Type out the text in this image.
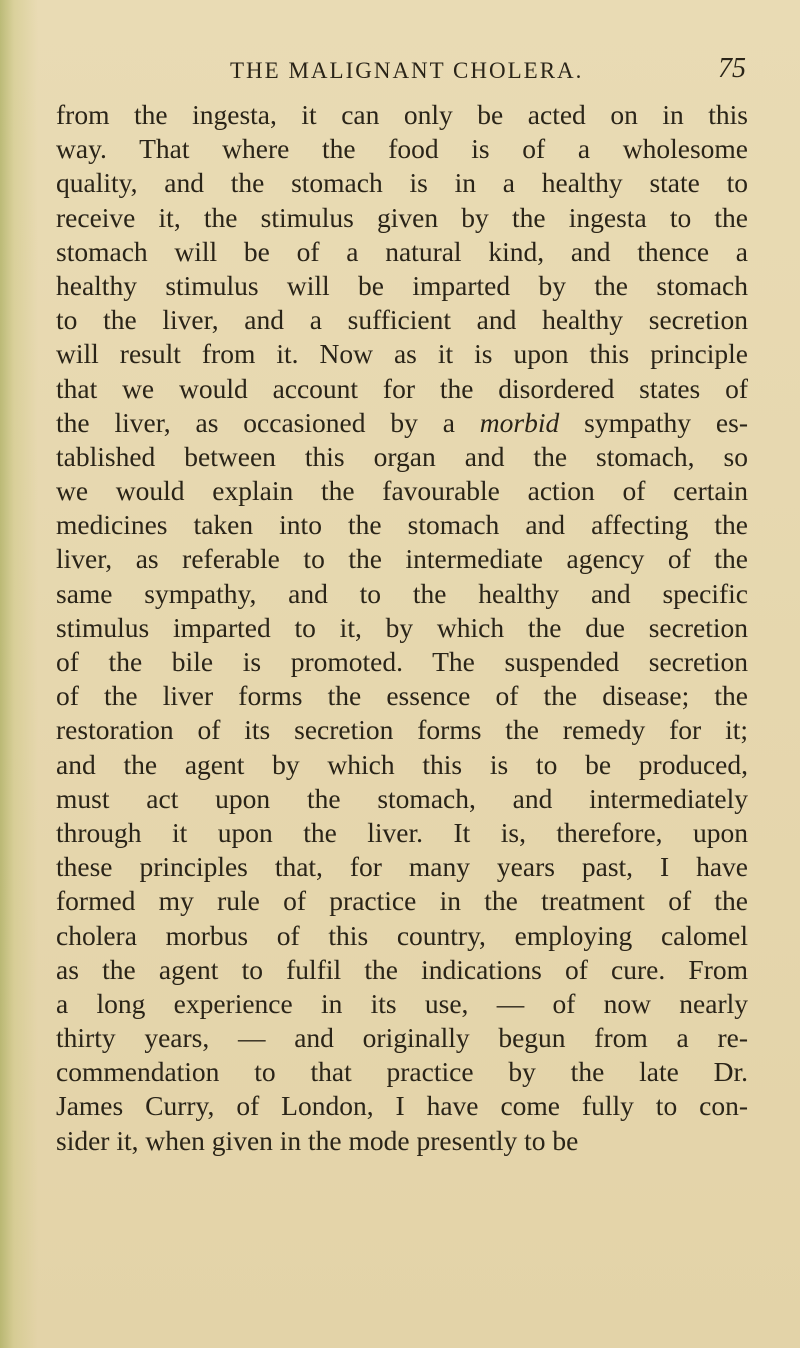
THE MALIGNANT CHOLERA.	75
from the ingesta, it can only be acted on in this
way. That where the food is of a wholesome
quality, and the stomach is in a healthy state to
receive it, the stimulus given by the ingesta to the
stomach will be of a natural kind, and thence a
healthy stimulus will be imparted by the stomach
to the liver, and a sufficient and healthy secretion
will result from it. Now as it is upon this principle
that we would account for the disordered states of
the liver, as occasioned by a morbid sympathy es-
tablished between this organ and the stomach, so
we would explain the favourable action of certain
medicines taken into the stomach and affecting the
liver, as referable to the intermediate agency of the
same sympathy, and to the healthy and specific
stimulus imparted to it, by which the due secretion
of the bile is promoted. The suspended secretion
of the liver forms the essence of the disease; the
restoration of its secretion forms the remedy for it;
and the agent by which this is to be produced,
must act upon the stomach, and intermediately
through it upon the liver. It is, therefore, upon
these principles that, for many years past, I have
formed my rule of practice in the treatment of the
cholera morbus of this country, employing calomel
as the agent to fulfil the indications of cure. From
a long experience in its use, — of now nearly
thirty years, — and originally begun from a re-
commendation to that practice by the late Dr.
James Curry, of London, I have come fully to con-
sider it, when given in the mode presently to be
